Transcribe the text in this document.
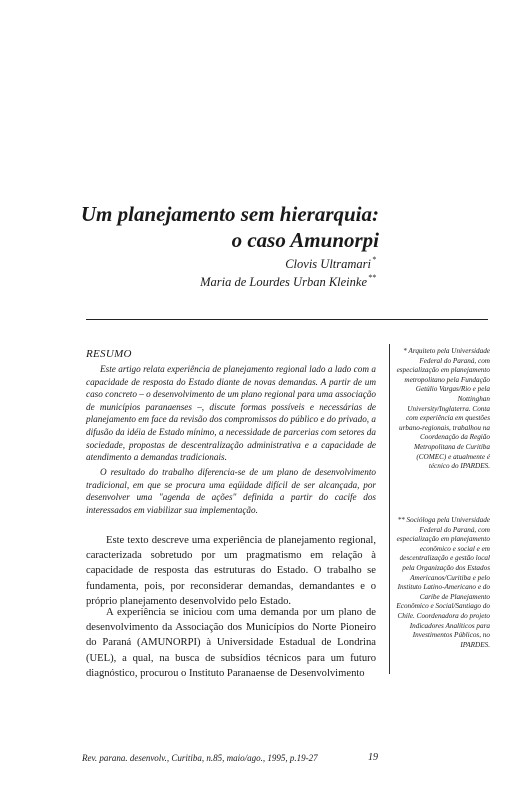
Um planejamento sem hierarquia:
o caso Amunorpi
Clovis Ultramari*
Maria de Lourdes Urban Kleinke**
RESUMO
Este artigo relata experiência de planejamento regional lado a lado com a capacidade de resposta do Estado diante de novas demandas. A partir de um caso concreto – o desenvolvimento de um plano regional para uma associação de municípios paranaenses –, discute formas possíveis e necessárias de planejamento em face da revisão dos compromissos do público e do privado, a difusão da idéia de Estado mínimo, a necessidade de parcerias com setores da sociedade, propostas de descentralização administrativa e a capacidade de atendimento a demandas tradicionais.
O resultado do trabalho diferencia-se de um plano de desenvolvimento tradicional, em que se procura uma eqüidade difícil de ser alcançada, por desenvolver uma "agenda de ações" definida a partir do cacife dos interessados em viabilizar sua implementação.
Este texto descreve uma experiência de planejamento regional, caracterizada sobretudo por um pragmatismo em relação à capacidade de resposta das estruturas do Estado. O trabalho se fundamenta, pois, por reconsiderar demandas, demandantes e o próprio planejamento desenvolvido pelo Estado.
A experiência se iniciou com uma demanda por um plano de desenvolvimento da Associação dos Municípios do Norte Pioneiro do Paraná (AMUNORPI) à Universidade Estadual de Londrina (UEL), a qual, na busca de subsídios técnicos para um futuro diagnóstico, procurou o Instituto Paranaense de Desenvolvimento
* Arquiteto pela Universidade Federal do Paraná, com especialização em planejamento metropolitano pela Fundação Getúlio Vargas/Rio e pela Nottinghan University/Inglaterra. Conta com experiência em questões urbano-regionais, trabalhou na Coordenação da Região Metropolitana de Curitiba (COMEC) e atualmente é técnico do IPARDES.
** Socióloga pela Universidade Federal do Paraná, com especialização em planejamento econômico e social e em descentralização e gestão local pela Organização dos Estados Americanos/Curitiba e pelo Instituto Latino-Americano e do Caribe de Planejamento Econômico e Social/Santiago do Chile. Coordenadora do projeto Indicadores Analíticos para Investimentos Públicos, no IPARDES.
Rev. parana. desenvolv., Curitiba, n.85, maio/ago., 1995, p.19-27	19
